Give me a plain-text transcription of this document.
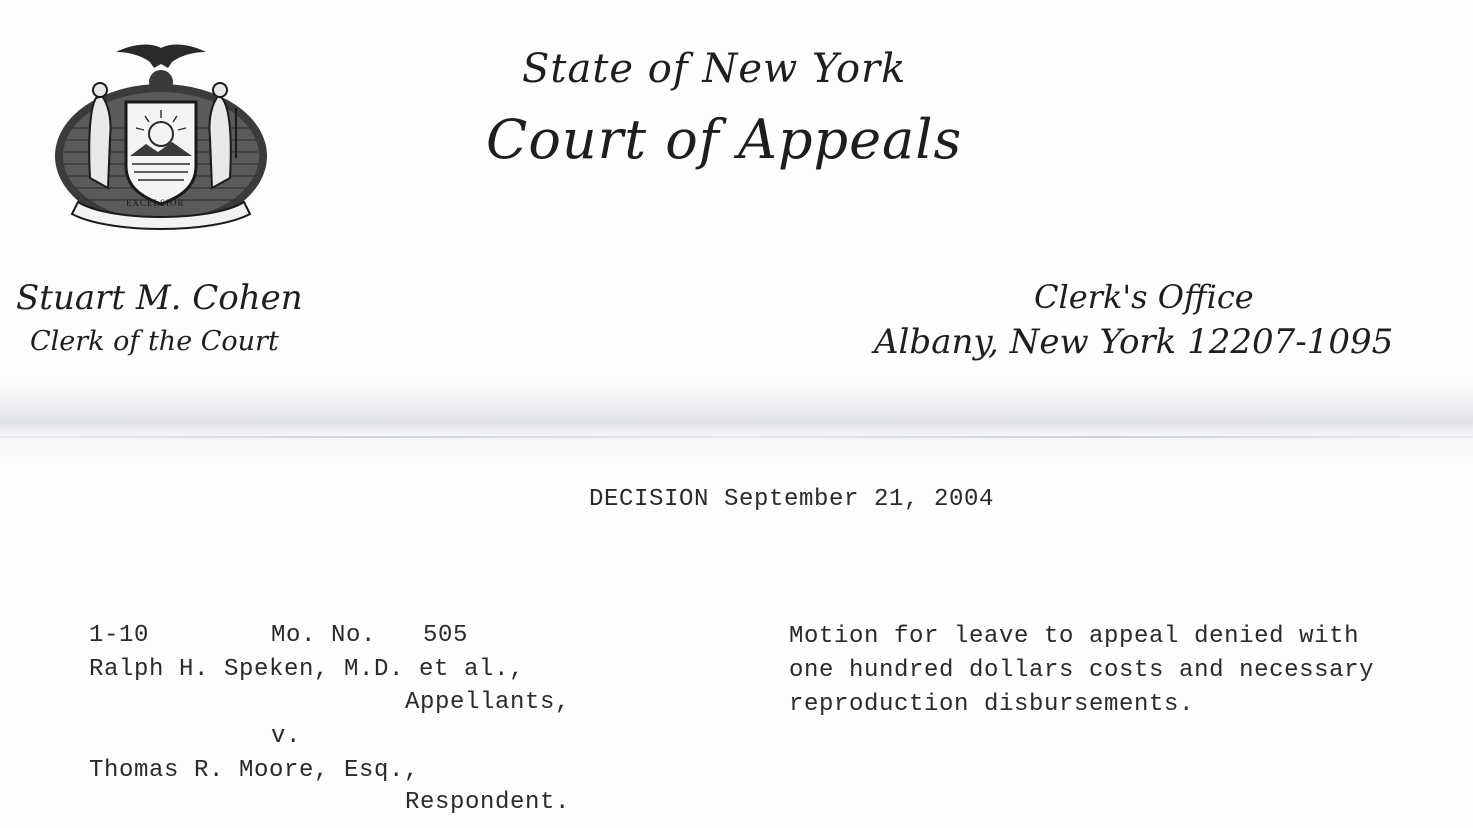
EXCELSIOR
State of New York
Court of Appeals
Stuart M. Cohen
Clerk of the Court
Clerk's Office
Albany, New York 12207-1095
DECISION September 21, 2004
1-10	Mo. No. 505
Ralph H. Speken, M.D. et al.,
Appellants,
v.
Thomas R. Moore, Esq.,
Respondent.
Motion for leave to appeal denied with
one hundred dollars costs and necessary
reproduction disbursements.
